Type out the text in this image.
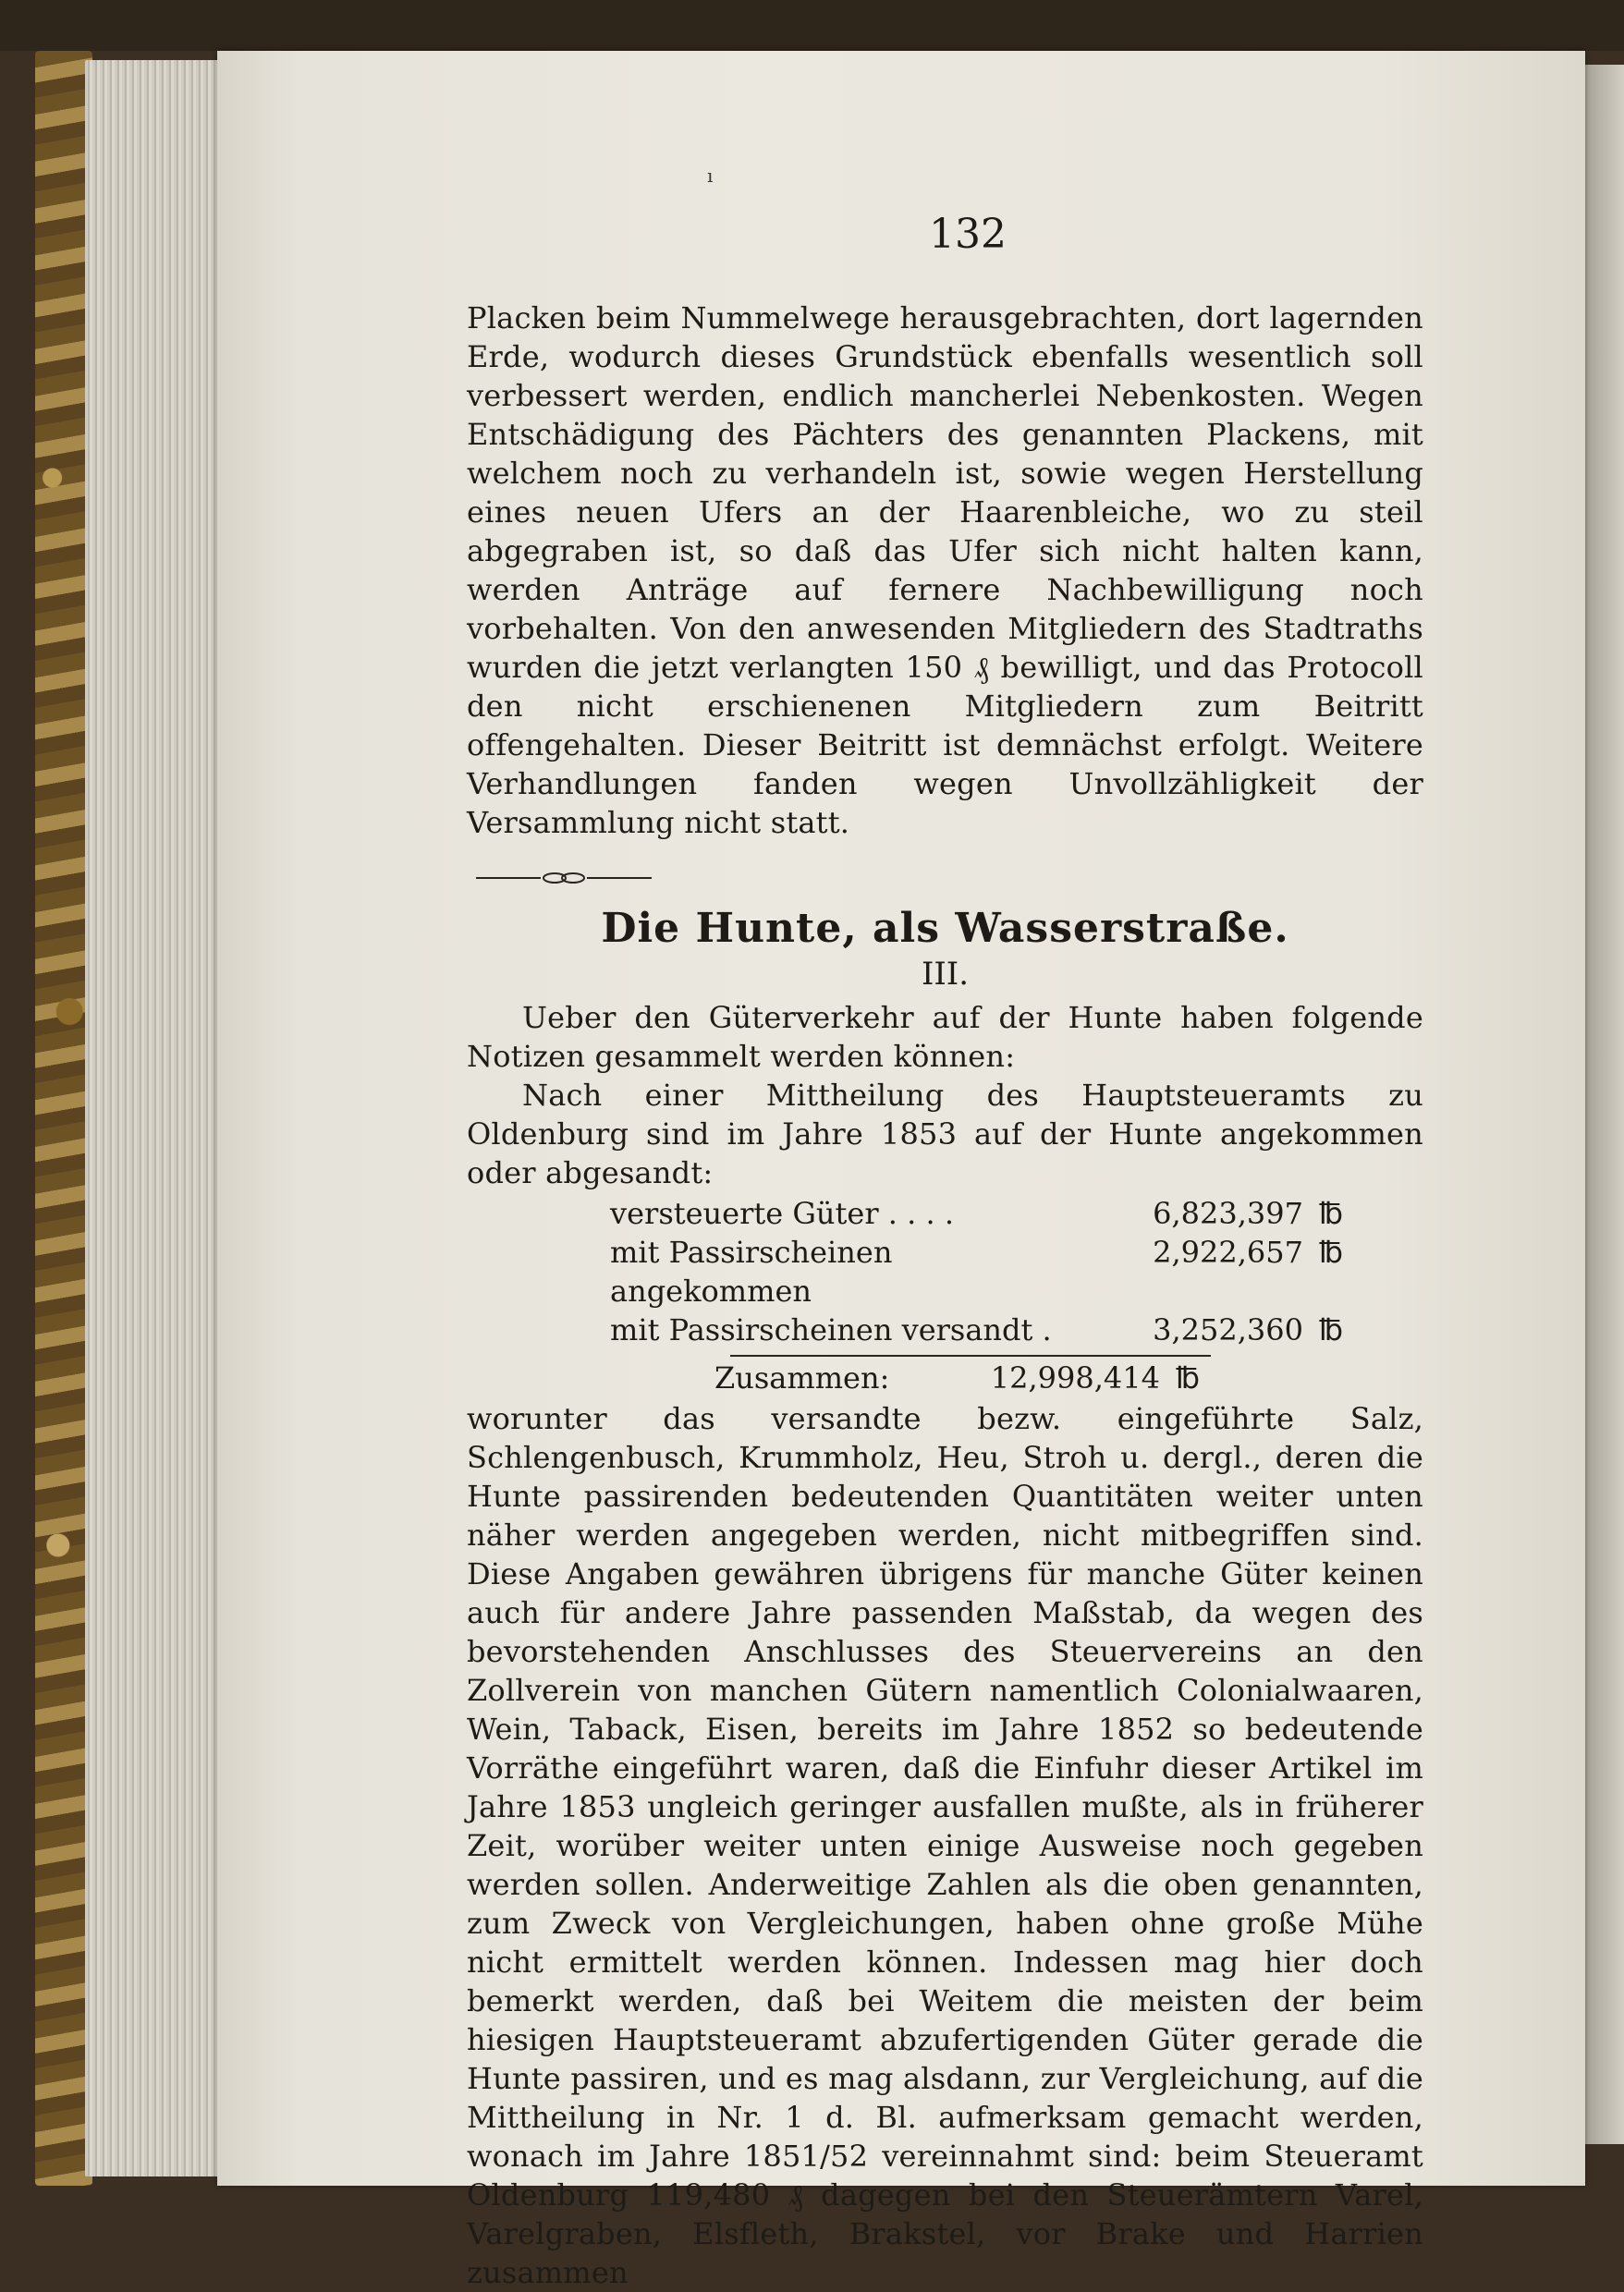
ı
132

Placken beim Nummelwege herausgebrachten, dort lagernden Erde, wodurch dieses Grundstück ebenfalls wesentlich soll verbessert werden, endlich mancherlei Nebenkosten. Wegen Entschädigung des Pächters des genannten Plackens, mit welchem noch zu verhandeln ist, sowie wegen Herstellung eines neuen Ufers an der Haarenbleiche, wo zu steil abgegraben ist, so daß das Ufer sich nicht halten kann, werden Anträge auf fernere Nachbewilligung noch vorbehalten. Von den anwesenden Mitgliedern des Stadtraths wurden die jetzt verlangten 150 ₰ bewilligt, und das Protocoll den nicht erschienenen Mitgliedern zum Beitritt offengehalten. Dieser Beitritt ist demnächst erfolgt. Weitere Verhandlungen fanden wegen Unvollzähligkeit der Versammlung nicht statt.

Die Hunte, als Wasserstraße.
III.

Ueber den Güterverkehr auf der Hunte haben folgende Notizen gesammelt werden können:

Nach einer Mittheilung des Hauptsteueramts zu Oldenburg sind im Jahre 1853 auf der Hunte angekommen oder abgesandt:

versteuerte Güter . . . .	6,823,397 ℔
mit Passirscheinen angekommen
2,922,657 ℔
mit Passirscheinen versandt .	3,252,360 ℔
Zusammen:	12,998,414 ℔

worunter das versandte bezw. eingeführte Salz, Schlengenbusch, Krummholz, Heu, Stroh u. dergl., deren die Hunte passirenden bedeutenden Quantitäten weiter unten näher werden angegeben werden, nicht mitbegriffen sind. Diese Angaben gewähren übrigens für manche Güter keinen auch für andere Jahre passenden Maßstab, da wegen des bevorstehenden Anschlusses des Steuervereins an den Zollverein von manchen Gütern namentlich Colonialwaaren, Wein, Taback, Eisen, bereits im Jahre 1852 so bedeutende Vorräthe eingeführt waren, daß die Einfuhr dieser Artikel im Jahre 1853 ungleich geringer ausfallen mußte, als in früherer Zeit, worüber weiter unten einige Ausweise noch gegeben werden sollen. Anderweitige Zahlen als die oben genannten, zum Zweck von Vergleichungen, haben ohne große Mühe nicht ermittelt werden können. Indessen mag hier doch bemerkt werden, daß bei Weitem die meisten der beim hiesigen Hauptsteueramt abzufertigenden Güter gerade die Hunte passiren, und es mag alsdann, zur Vergleichung, auf die Mittheilung in Nr. 1 d. Bl. aufmerksam gemacht werden, wonach im Jahre 1851/52 vereinnahmt sind: beim Steueramt Oldenburg 119,480 ₰ dagegen bei den Steuerämtern Varel, Varelgraben, Elsfleth, Brakstel, vor Brake und Harrien zusammen
